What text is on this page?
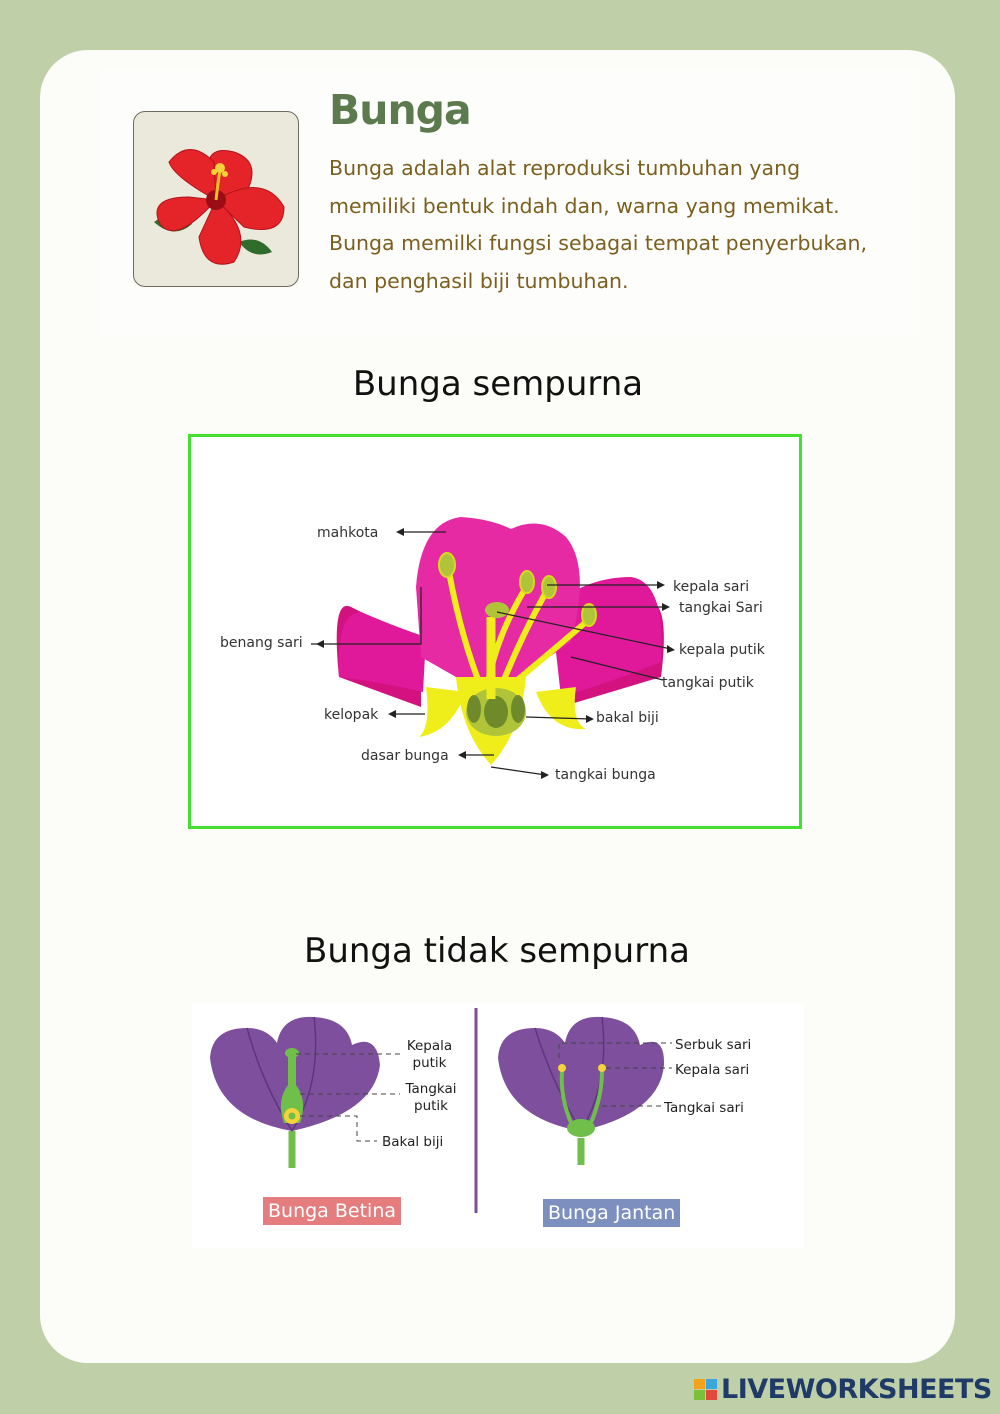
Bunga

Bunga adalah alat reproduksi tumbuhan yang memiliki bentuk indah dan, warna yang memikat. Bunga memilki fungsi sebagai tempat penyerbukan, dan penghasil biji tumbuhan.

Bunga sempurna
mahkota
benang sari
kelopak
dasar bunga
kepala sari
tangkai Sari
kepala putik
tangkai putik
bakal biji
tangkai bunga
Bunga tidak sempurna
Kepala
putik
Tangkai
putik
Bakal biji
Serbuk sari
Kepala sari
Tangkai sari
Bunga Betina	Bunga Jantan
LIVEWORKSHEETS
